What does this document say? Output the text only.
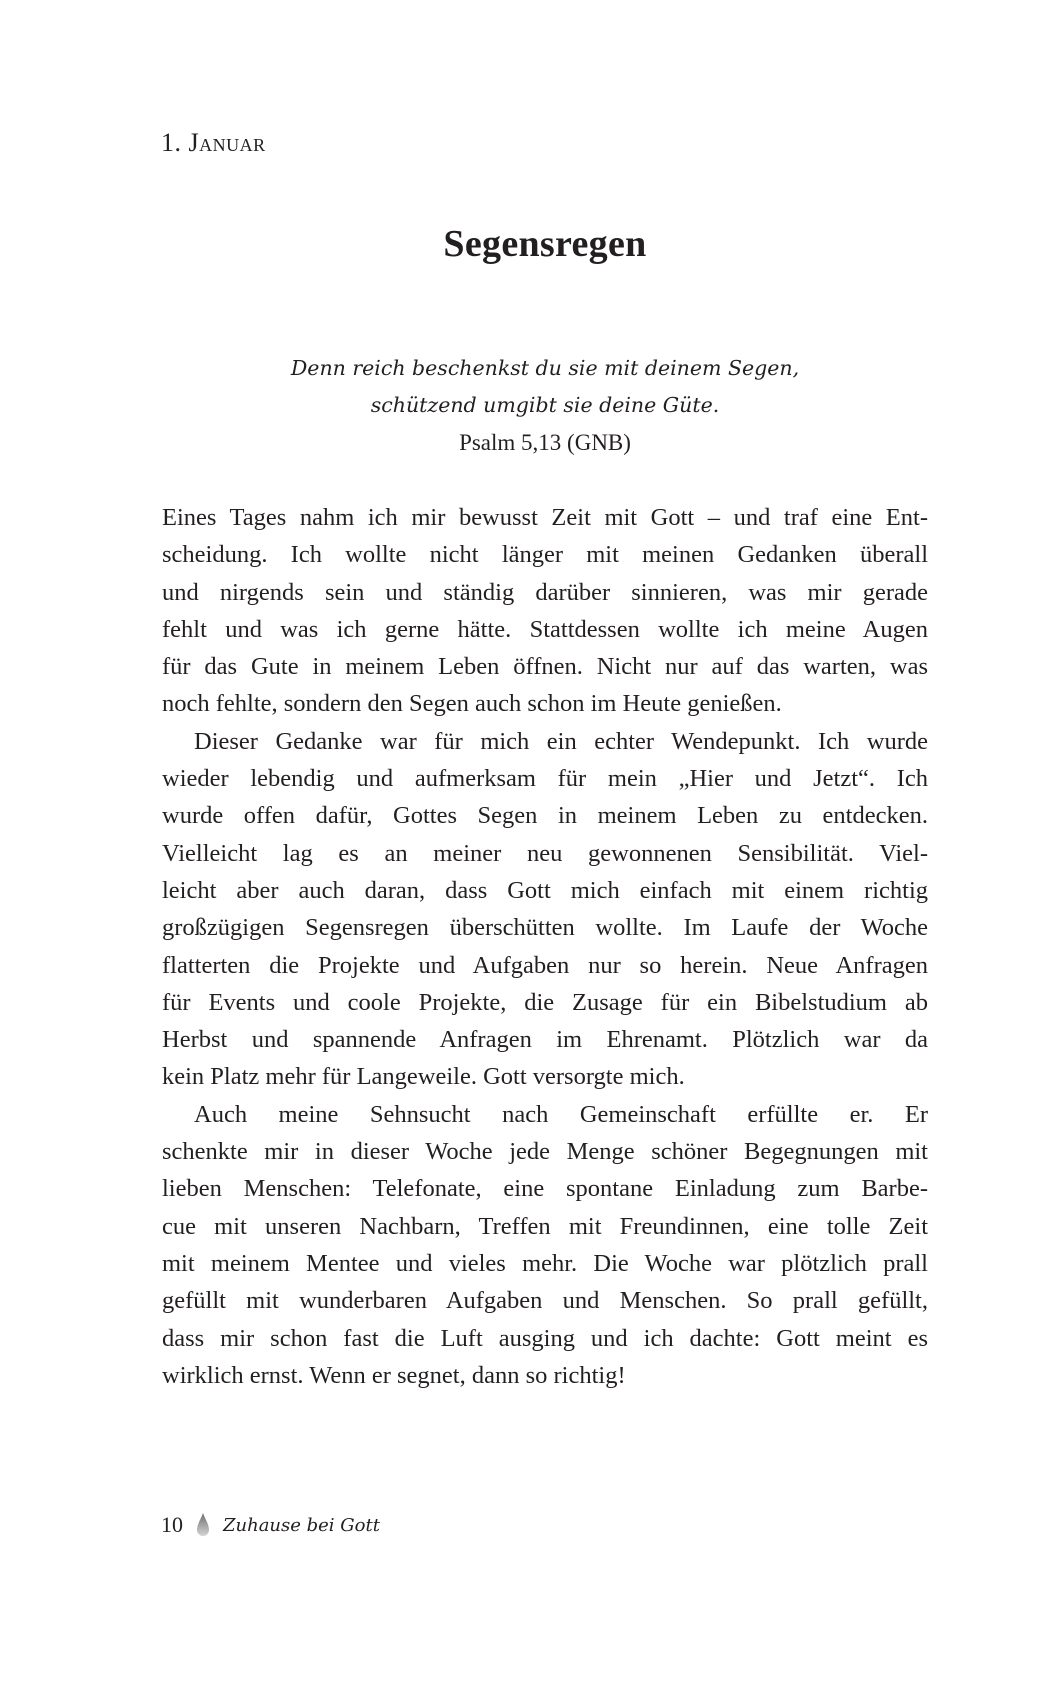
1. Januar
Segensregen
Denn reich beschenkst du sie mit deinem Segen,
schützend umgibt sie deine Güte.
Psalm 5,13 (GNB)
Eines Tages nahm ich mir bewusst Zeit mit Gott – und traf eine Ent-
scheidung. Ich wollte nicht länger mit meinen Gedanken überall
und nirgends sein und ständig darüber sinnieren, was mir gerade
fehlt und was ich gerne hätte. Stattdessen wollte ich meine Augen
für das Gute in meinem Leben öffnen. Nicht nur auf das warten, was
noch fehlte, sondern den Segen auch schon im Heute genießen.
Dieser Gedanke war für mich ein echter Wendepunkt. Ich wurde
wieder lebendig und aufmerksam für mein „Hier und Jetzt“. Ich
wurde offen dafür, Gottes Segen in meinem Leben zu entdecken.
Vielleicht lag es an meiner neu gewonnenen Sensibilität. Viel-
leicht aber auch daran, dass Gott mich einfach mit einem richtig
großzügigen Segensregen überschütten wollte. Im Laufe der Woche
flatterten die Projekte und Aufgaben nur so herein. Neue Anfragen
für Events und coole Projekte, die Zusage für ein Bibelstudium ab
Herbst und spannende Anfragen im Ehrenamt. Plötzlich war da
kein Platz mehr für Langeweile. Gott versorgte mich.
Auch meine Sehnsucht nach Gemeinschaft erfüllte er. Er
schenkte mir in dieser Woche jede Menge schöner Begegnungen mit
lieben Menschen: Telefonate, eine spontane Einladung zum Barbe-
cue mit unseren Nachbarn, Treffen mit Freundinnen, eine tolle Zeit
mit meinem Mentee und vieles mehr. Die Woche war plötzlich prall
gefüllt mit wunderbaren Aufgaben und Menschen. So prall gefüllt,
dass mir schon fast die Luft ausging und ich dachte: Gott meint es
wirklich ernst. Wenn er segnet, dann so richtig!
10 Zuhause bei Gott
